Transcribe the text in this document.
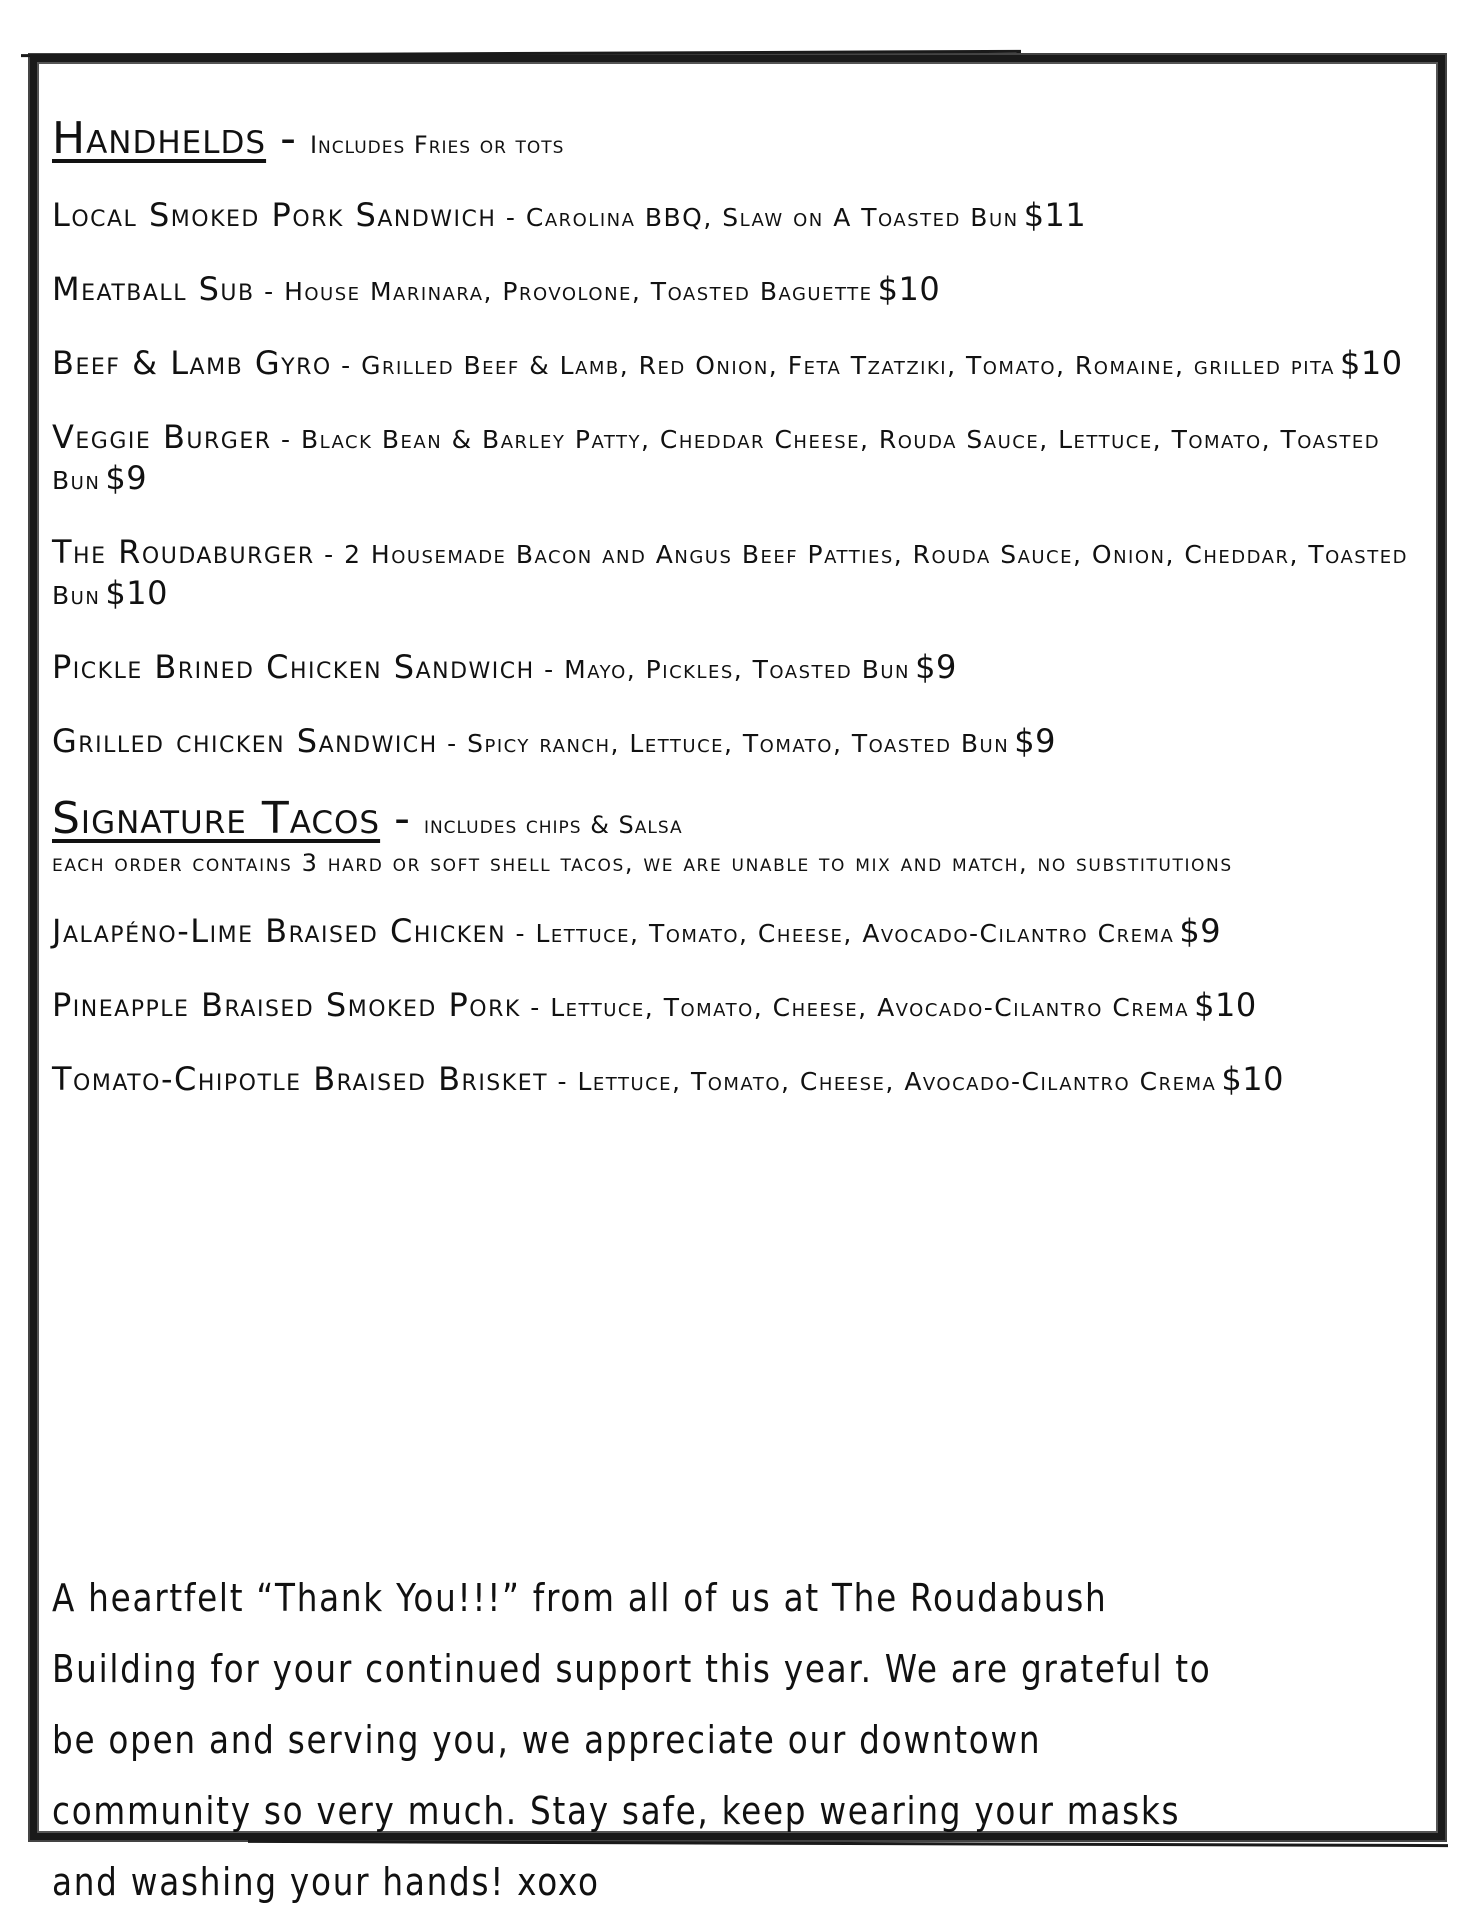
Handhelds - Includes Fries or tots

Local Smoked Pork Sandwich - Carolina BBQ, Slaw on A Toasted Bun $11

Meatball Sub - House Marinara, Provolone, Toasted Baguette $10

Beef & Lamb Gyro - Grilled Beef & Lamb, Red Onion, Feta Tzatziki, Tomato, Romaine, grilled pita $10

Veggie Burger - Black Bean & Barley Patty, Cheddar Cheese, Rouda Sauce, Lettuce, Tomato, Toasted Bun $9

The Roudaburger - 2 Housemade Bacon and Angus Beef Patties, Rouda Sauce, Onion, Cheddar, Toasted Bun $10

Pickle Brined Chicken Sandwich - Mayo, Pickles, Toasted Bun $9

Grilled chicken Sandwich - Spicy ranch, Lettuce, Tomato, Toasted Bun $9

Signature Tacos - includes chips & Salsa

each order contains 3 hard or soft shell tacos, we are unable to mix and match, no substitutions

Jalapéno-Lime Braised Chicken - Lettuce, Tomato, Cheese, Avocado-Cilantro Crema $9

Pineapple Braised Smoked Pork - Lettuce, Tomato, Cheese, Avocado-Cilantro Crema $10

Tomato-Chipotle Braised Brisket - Lettuce, Tomato, Cheese, Avocado-Cilantro Crema $10

A heartfelt “Thank You!!!” from all of us at The Roudabush Building for your continued support this year. We are grateful to be open and serving you, we appreciate our downtown community so very much. Stay safe, keep wearing your masks and washing your hands! xoxo
